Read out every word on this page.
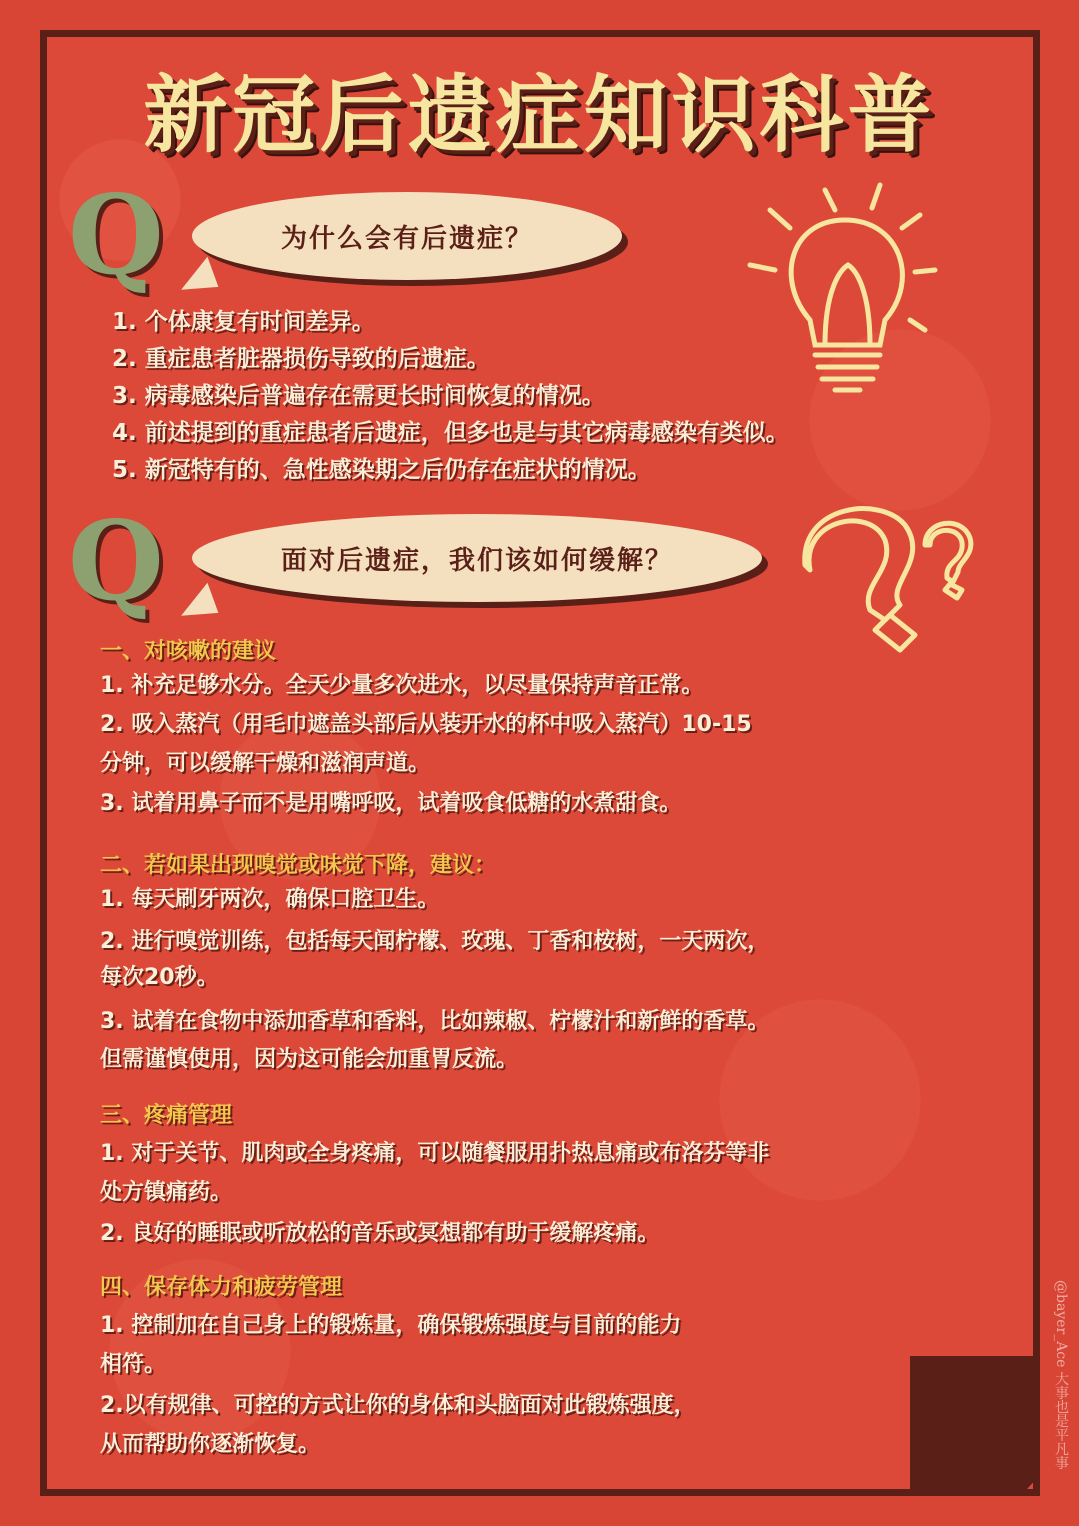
新冠后遗症知识科普
Q	为什么会有后遗症？
1. 个体康复有时间差异。
2. 重症患者脏器损伤导致的后遗症。
3. 病毒感染后普遍存在需更长时间恢复的情况。
4. 前述提到的重症患者后遗症，但多也是与其它病毒感染有类似。
5. 新冠特有的、急性感染期之后仍存在症状的情况。
Q	面对后遗症，我们该如何缓解？
一、对咳嗽的建议

1. 补充足够水分。全天少量多次进水，以尽量保持声音正常。

2. 吸入蒸汽（用毛巾遮盖头部后从装开水的杯中吸入蒸汽）10-15

分钟，可以缓解干燥和滋润声道。

3. 试着用鼻子而不是用嘴呼吸，试着吸食低糖的水煮甜食。

二、若如果出现嗅觉或味觉下降，建议：

1. 每天刷牙两次，确保口腔卫生。

2. 进行嗅觉训练，包括每天闻柠檬、玫瑰、丁香和桉树，一天两次，

每次20秒。

3. 试着在食物中添加香草和香料，比如辣椒、柠檬汁和新鲜的香草。

但需谨慎使用，因为这可能会加重胃反流。

三、疼痛管理

1. 对于关节、肌肉或全身疼痛，可以随餐服用扑热息痛或布洛芬等非

处方镇痛药。

2. 良好的睡眠或听放松的音乐或冥想都有助于缓解疼痛。

四、保存体力和疲劳管理

1. 控制加在自己身上的锻炼量，确保锻炼强度与目前的能力

相符。

2.以有规律、可控的方式让你的身体和头脑面对此锻炼强度，

从而帮助你逐渐恢复。	@bayer_Ace 大事也是平凡事
